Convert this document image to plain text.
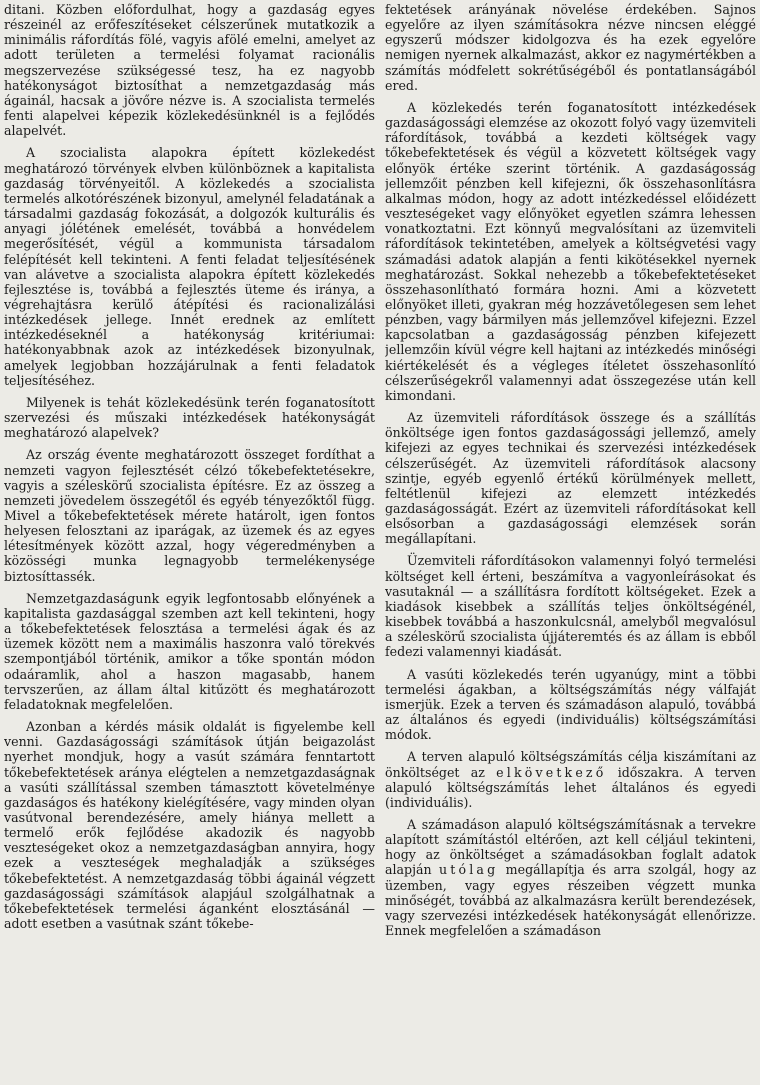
ditani. Közben előfordulhat, hogy a gazdaság egyes részeinél az erőfeszítéseket célszerűnek mutatkozik a minimális ráfordítás fölé, vagyis afölé emelni, amelyet az adott területen a termelési folyamat racionális megszervezése szükségessé tesz, ha ez nagyobb hatékonyságot biztosíthat a nemzetgazdaság más ágainál, hacsak a jövőre nézve is. A szocialista termelés fenti alapelvei képezik közlekedésünknél is a fejlődés alapelvét.

A szocialista alapokra épített közlekedést meghatározó törvények elvben különböznek a kapitalista gazdaság törvényeitől. A közlekedés a szocialista termelés alkotórészének bizonyul, amelynél feladatának a társadalmi gazdaság fokozását, a dolgozók kulturális és anyagi jólétének emelését, továbbá a honvédelem megerősítését, végül a kommunista társadalom felépítését kell tekinteni. A fenti feladat teljesítésének van alávetve a szocialista alapokra épített közlekedés fejlesztése is, továbbá a fejlesztés üteme és iránya, a végrehajtásra kerülő átépítési és racionalizálási intézkedések jellege. Innét erednek az említett intézkedéseknél a hatékonyság kritériumai: hatékonyabbnak azok az intézkedések bizonyulnak, amelyek legjobban hozzájárulnak a fenti feladatok teljesítéséhez.

Milyenek is tehát közlekedésünk terén foganatosított szervezési és műszaki intézkedések hatékonyságát meghatározó alapelvek?

Az ország évente meghatározott összeget fordíthat a nemzeti vagyon fejlesztését célzó tőkebefektetésekre, vagyis a széleskörű szocialista építésre. Ez az összeg a nemzeti jövedelem összegétől és egyéb tényezőktől függ. Mivel a tőkebefektetések mérete határolt, igen fontos helyesen felosztani az iparágak, az üzemek és az egyes létesítmények között azzal, hogy végeredményben a közösségi munka legnagyobb termelékenysége biztosíttassék.

Nemzetgazdaságunk egyik legfontosabb előnyének a kapitalista gazdasággal szemben azt kell tekinteni, hogy a tőkebefektetések felosztása a termelési ágak és az üzemek között nem a maximális haszonra való törekvés szempontjából történik, amikor a tőke spontán módon odaáramlik, ahol a haszon magasabb, hanem tervszerűen, az állam által kitűzött és meghatározott feladatoknak megfelelően.

Azonban a kérdés másik oldalát is figyelembe kell venni. Gazdaságossági számítások útján beigazolást nyerhet mondjuk, hogy a vasút számára fenntartott tőkebefektetések aránya elégtelen a nemzetgazdaságnak a vasúti szállítással szemben támasztott követelménye gazdaságos és hatékony kielégítésére, vagy minden olyan vasútvonal berendezésére, amely hiánya mellett a termelő erők fejlődése akadozik és nagyobb veszteségeket okoz a nemzetgazdaságban annyira, hogy ezek a veszteségek meghaladják a szükséges tőkebefektetést. A nemzetgazdaság többi ágainál végzett gazdaságossági számítások alapjául szolgálhatnak a tőkebefektetések termelési áganként elosztásánál — adott esetben a vasútnak szánt tőkebe-

fektetések arányának növelése érdekében. Sajnos egyelőre az ilyen számításokra nézve nincsen eléggé egyszerű módszer kidolgozva és ha ezek egyelőre nemigen nyernek alkalmazást, akkor ez nagymértékben a számítás módfelett sokrétűségéből és pontatlanságából ered.

A közlekedés terén foganatosított intézkedések gazdaságossági elemzése az okozott folyó vagy üzemviteli ráfordítások, továbbá a kezdeti költségek vagy tőkebefektetések és végül a közvetett költségek vagy előnyök értéke szerint történik. A gazdaságosság jellemzőit pénzben kell kifejezni, ők összehasonlításra alkalmas módon, hogy az adott intézkedéssel előidézett veszteségeket vagy előnyöket egyetlen számra lehessen vonatkoztatni. Ezt könnyű megvalósítani az üzemviteli ráfordítások tekintetében, amelyek a költségvetési vagy számadási adatok alapján a fenti kikötésekkel nyernek meghatározást. Sokkal nehezebb a tőkebefektetéseket összehasonlítható formára hozni. Ami a közvetett előnyöket illeti, gyakran még hozzávetőlegesen sem lehet pénzben, vagy bármilyen más jellemzővel kifejezni. Ezzel kapcsolatban a gazdaságosság pénzben kifejezett jellemzőin kívül végre kell hajtani az intézkedés minőségi kiértékelését és a végleges ítéletet összehasonlító célszerűségekről valamennyi adat összegezése után kell kimondani.

Az üzemviteli ráfordítások összege és a szállítás önköltsége igen fontos gazdaságossági jellemző, amely kifejezi az egyes technikai és szervezési intézkedések célszerűségét. Az üzemviteli ráfordítások alacsony szintje, egyéb egyenlő értékű körülmények mellett, feltétlenül kifejezi az elemzett intézkedés gazdaságosságát. Ezért az üzemviteli ráfordításokat kell elsősorban a gazdaságossági elemzések során megállapítani.

Üzemviteli ráfordításokon valamennyi folyó termelési költséget kell érteni, beszámítva a vagyonleírásokat és vasutaknál — a szállításra fordított költségeket. Ezek a kiadások kisebbek a szállítás teljes önköltségénél, kisebbek továbbá a haszonkulcsnál, amelyből megvalósul a széleskörű szocialista újjáteremtés és az állam is ebből fedezi valamennyi kiadását.

A vasúti közlekedés terén ugyanúgy, mint a többi termelési ágakban, a költségszámítás négy válfaját ismerjük. Ezek a terven és számadáson alapuló, továbbá az általános és egyedi (individuális) költségszámítási módok.

A terven alapuló költségszámítás célja kiszámítani az önköltséget az elkövetkező időszakra. A terven alapuló költségszámítás lehet általános és egyedi (individuális).

A számadáson alapuló költségszámításnak a tervekre alapított számítástól eltérően, azt kell céljául tekinteni, hogy az önköltséget a számadásokban foglalt adatok alapján utólag megállapítja és arra szolgál, hogy az üzemben, vagy egyes részeiben végzett munka minőségét, továbbá az alkalmazásra került berendezések, vagy szervezési intézkedések hatékonyságát ellenőrizze. Ennek megfelelően a számadáson
